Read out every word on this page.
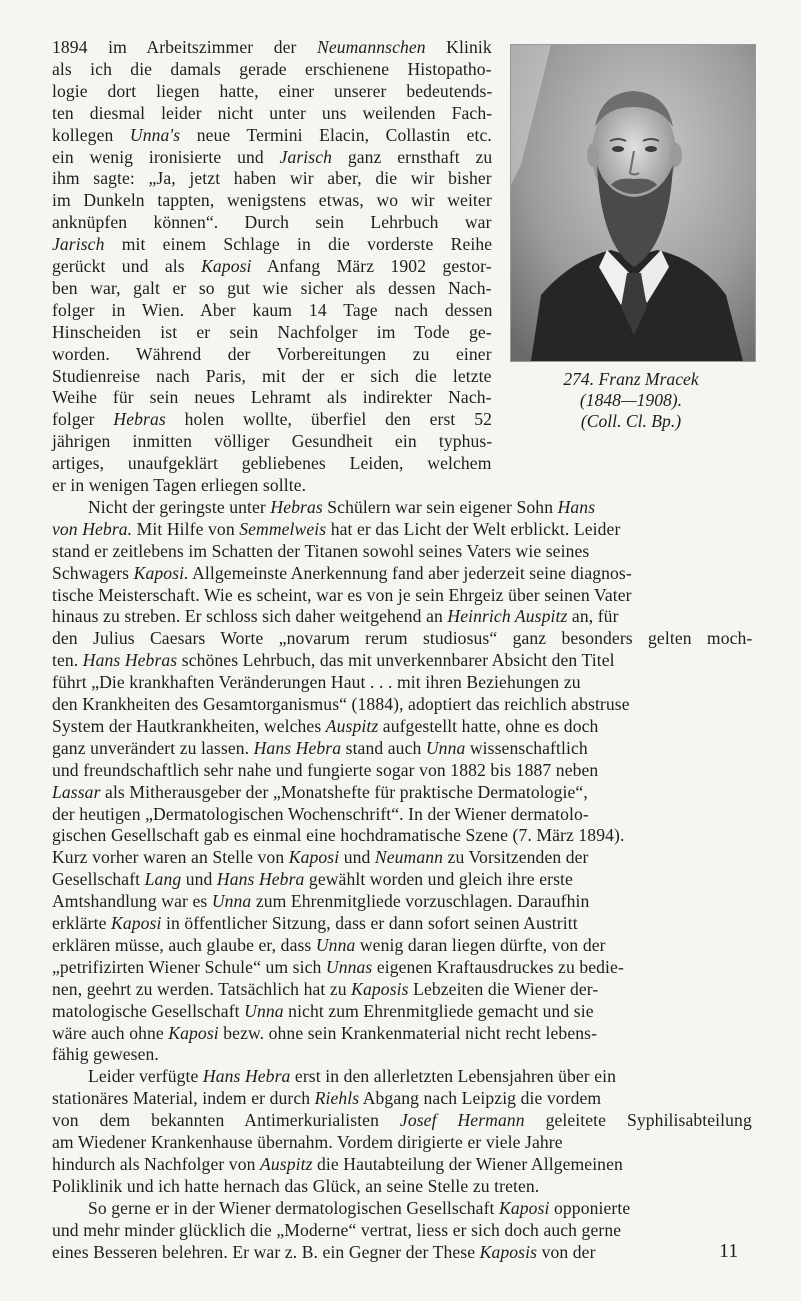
274. Franz Mracek
(1848—1908).
(Coll. Cl. Bp.)
1894 im Arbeitszimmer der Neumannschen Klinik
als ich die damals gerade erschienene Histopatho-
logie dort liegen hatte, einer unserer bedeutends-
ten diesmal leider nicht unter uns weilenden Fach-
kollegen Unna's neue Termini Elacin, Collastin etc.
ein wenig ironisierte und Jarisch ganz ernsthaft zu
ihm sagte: „Ja, jetzt haben wir aber, die wir bisher
im Dunkeln tappten, wenigstens etwas, wo wir weiter
anknüpfen können“. Durch sein Lehrbuch war
Jarisch mit einem Schlage in die vorderste Reihe
gerückt und als Kaposi Anfang März 1902 gestor-
ben war, galt er so gut wie sicher als dessen Nach-
folger in Wien. Aber kaum 14 Tage nach dessen
Hinscheiden ist er sein Nachfolger im Tode ge-
worden. Während der Vorbereitungen zu einer
Studienreise nach Paris, mit der er sich die letzte
Weihe für sein neues Lehramt als indirekter Nach-
folger Hebras holen wollte, überfiel den erst 52
jährigen inmitten völliger Gesundheit ein typhus-
artiges, unaufgeklärt gebliebenes Leiden, welchem
er in wenigen Tagen erliegen sollte.
Nicht der geringste unter Hebras Schülern war sein eigener Sohn Hans
von Hebra. Mit Hilfe von Semmelweis hat er das Licht der Welt erblickt. Leider
stand er zeitlebens im Schatten der Titanen sowohl seines Vaters wie seines
Schwagers Kaposi. Allgemeinste Anerkennung fand aber jederzeit seine diagnos-
tische Meisterschaft. Wie es scheint, war es von je sein Ehrgeiz über seinen Vater
hinaus zu streben. Er schloss sich daher weitgehend an Heinrich Auspitz an, für
den Julius Caesars Worte „novarum rerum studiosus“ ganz besonders gelten moch-
ten. Hans Hebras schönes Lehrbuch, das mit unverkennbarer Absicht den Titel
führt „Die krankhaften Veränderungen Haut . . . mit ihren Beziehungen zu
den Krankheiten des Gesamtorganismus“ (1884), adoptiert das reichlich abstruse
System der Hautkrankheiten, welches Auspitz aufgestellt hatte, ohne es doch
ganz unverändert zu lassen. Hans Hebra stand auch Unna wissenschaftlich
und freundschaftlich sehr nahe und fungierte sogar von 1882 bis 1887 neben
Lassar als Mitherausgeber der „Monatshefte für praktische Dermatologie“,
der heutigen „Dermatologischen Wochenschrift“. In der Wiener dermatolo-
gischen Gesellschaft gab es einmal eine hochdramatische Szene (7. März 1894).
Kurz vorher waren an Stelle von Kaposi und Neumann zu Vorsitzenden der
Gesellschaft Lang und Hans Hebra gewählt worden und gleich ihre erste
Amtshandlung war es Unna zum Ehrenmitgliede vorzuschlagen. Daraufhin
erklärte Kaposi in öffentlicher Sitzung, dass er dann sofort seinen Austritt
erklären müsse, auch glaube er, dass Unna wenig daran liegen dürfte, von der
„petrifizirten Wiener Schule“ um sich Unnas eigenen Kraftausdruckes zu bedie-
nen, geehrt zu werden. Tatsächlich hat zu Kaposis Lebzeiten die Wiener der-
matologische Gesellschaft Unna nicht zum Ehrenmitgliede gemacht und sie
wäre auch ohne Kaposi bezw. ohne sein Krankenmaterial nicht recht lebens-
fähig gewesen.
Leider verfügte Hans Hebra erst in den allerletzten Lebensjahren über ein
stationäres Material, indem er durch Riehls Abgang nach Leipzig die vordem
von dem bekannten Antimerkurialisten Josef Hermann geleitete Syphilisabteilung
am Wiedener Krankenhause übernahm. Vordem dirigierte er viele Jahre
hindurch als Nachfolger von Auspitz die Hautabteilung der Wiener Allgemeinen
Poliklinik und ich hatte hernach das Glück, an seine Stelle zu treten.
So gerne er in der Wiener dermatologischen Gesellschaft Kaposi opponierte
und mehr minder glücklich die „Moderne“ vertrat, liess er sich doch auch gerne
eines Besseren belehren. Er war z. B. ein Gegner der These Kaposis von der	11
